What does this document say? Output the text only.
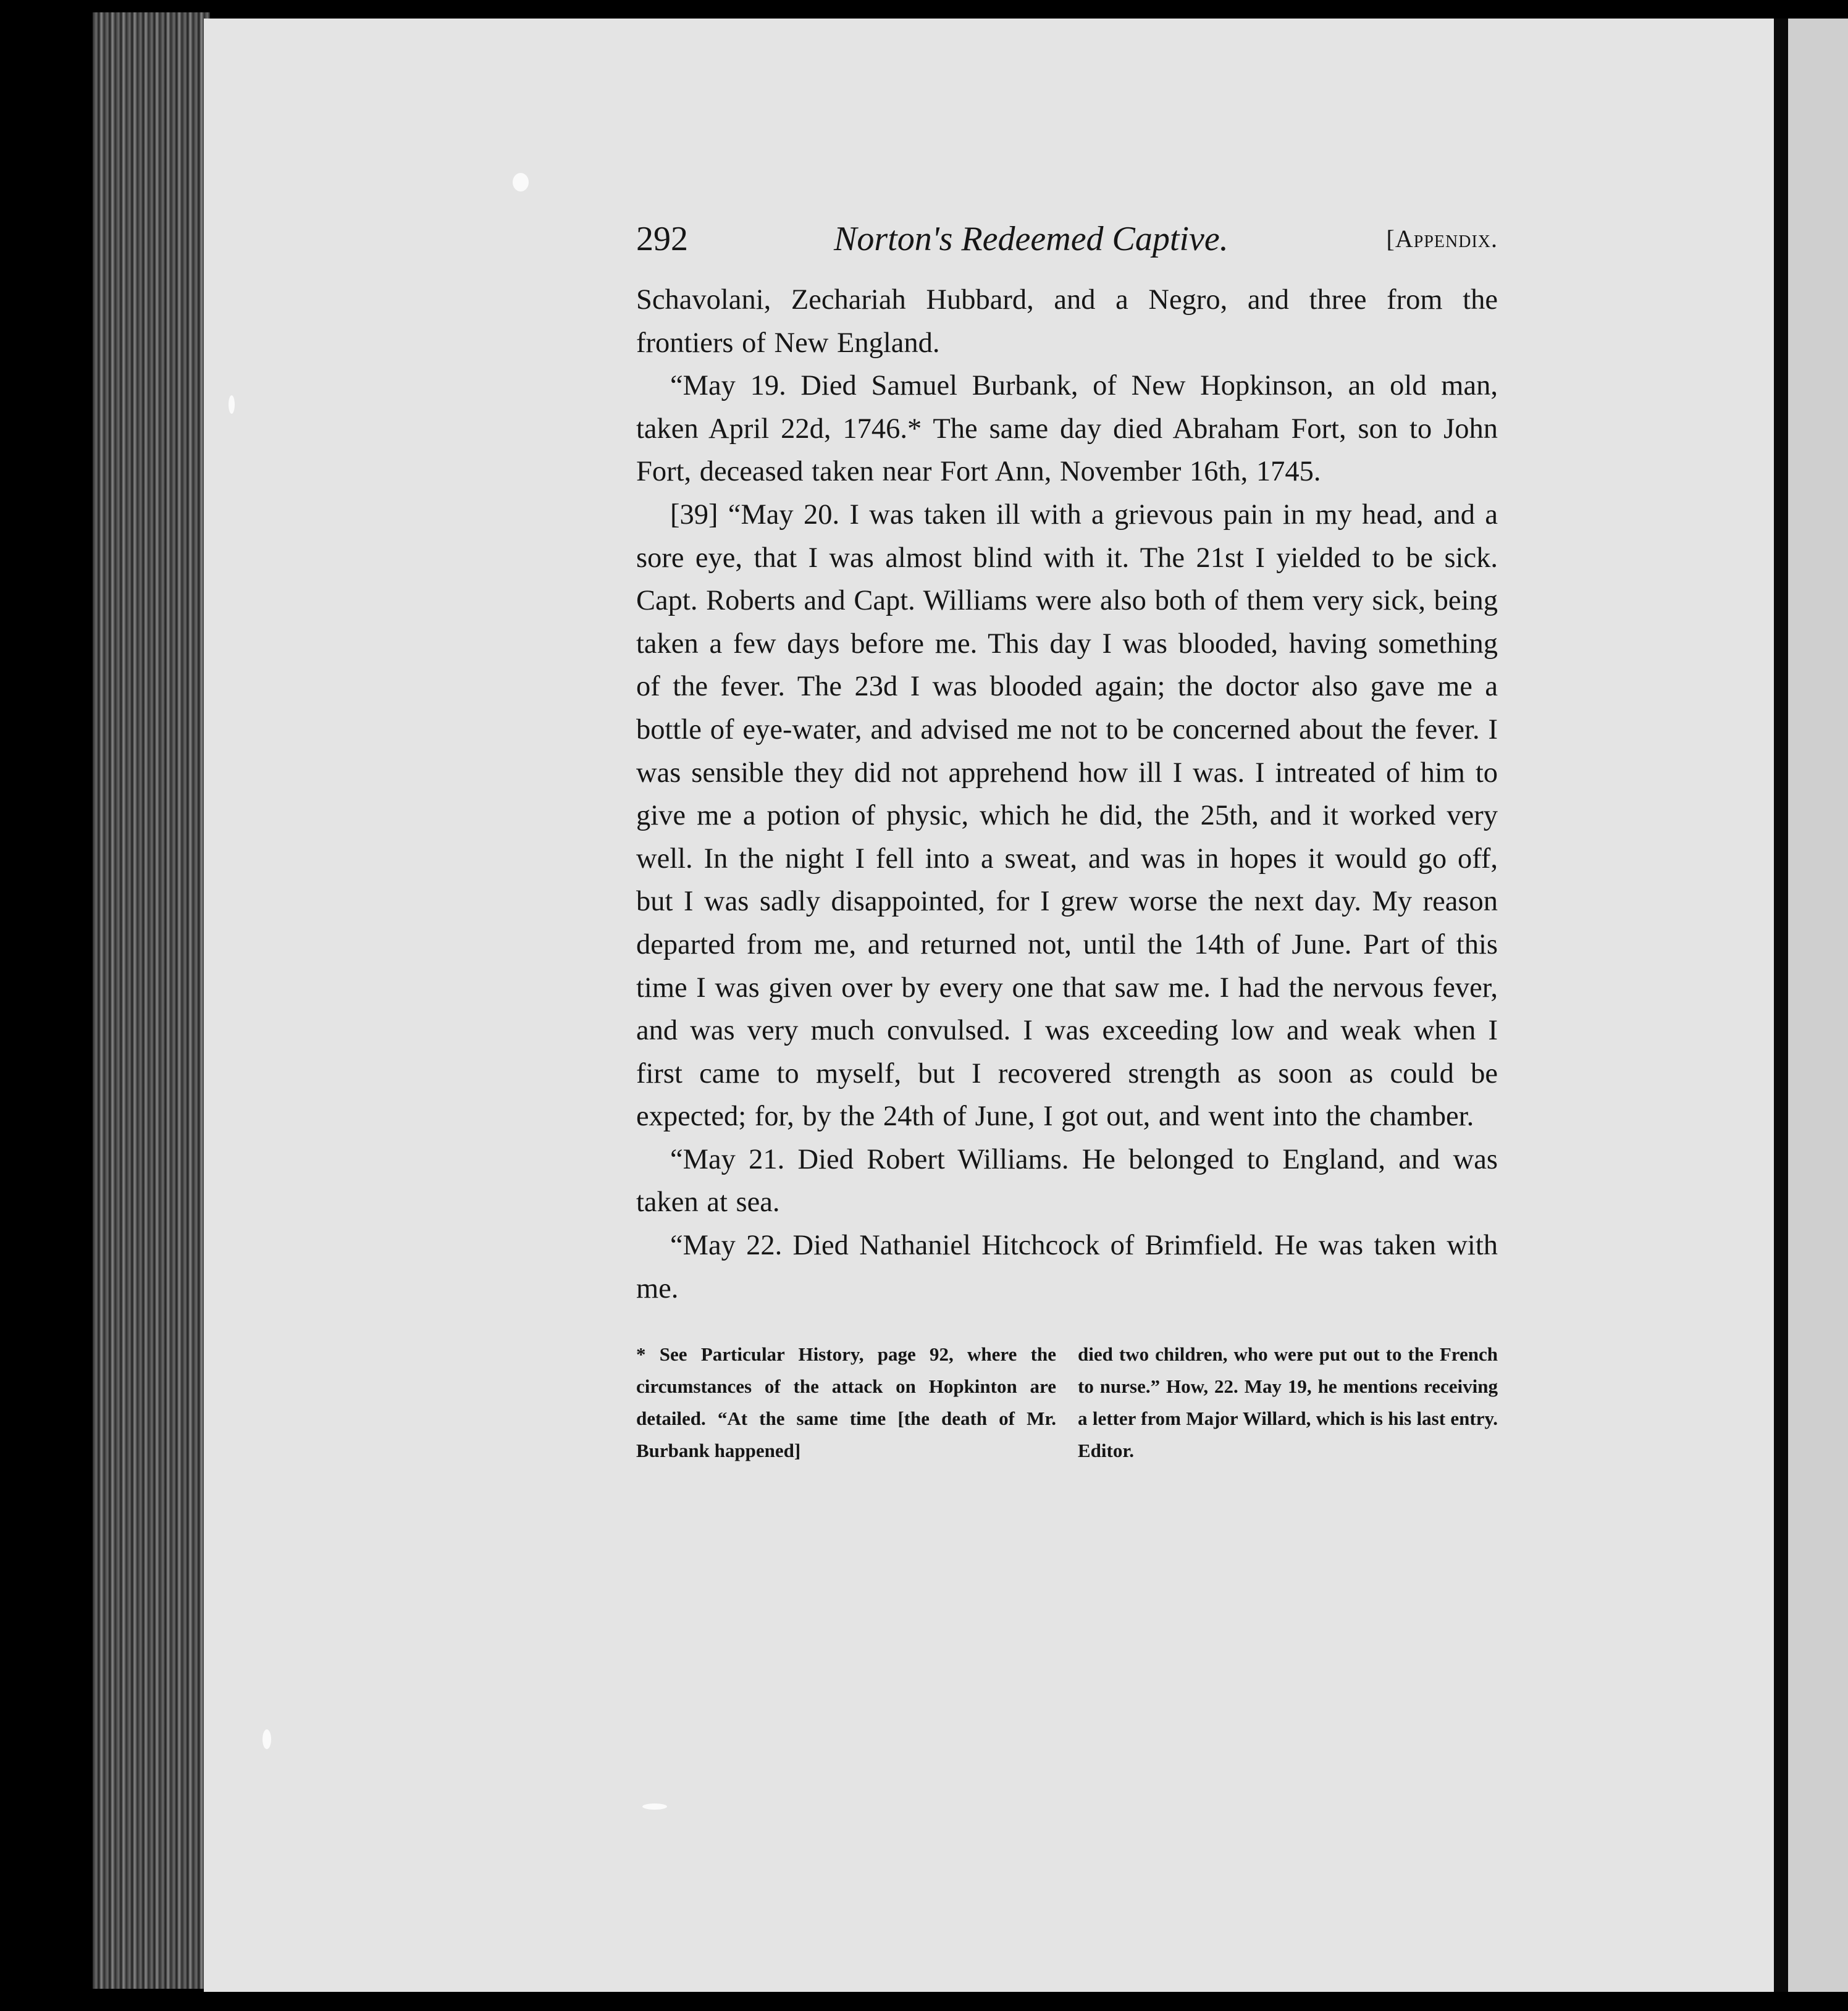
292	Norton's Redeemed Captive.	[Appendix.

Schavolani, Zechariah Hubbard, and a Negro, and three from the frontiers of New England.

“May 19. Died Samuel Burbank, of New Hopkinson, an old man, taken April 22d, 1746.* The same day died Abraham Fort, son to John Fort, deceased taken near Fort Ann, November 16th, 1745.

[39] “May 20. I was taken ill with a grievous pain in my head, and a sore eye, that I was almost blind with it. The 21st I yielded to be sick. Capt. Roberts and Capt. Williams were also both of them very sick, being taken a few days before me. This day I was blooded, having something of the fever. The 23d I was blooded again; the doctor also gave me a bottle of eye-water, and advised me not to be concerned about the fever. I was sensible they did not apprehend how ill I was. I intreated of him to give me a potion of physic, which he did, the 25th, and it worked very well. In the night I fell into a sweat, and was in hopes it would go off, but I was sadly disappointed, for I grew worse the next day. My reason departed from me, and returned not, until the 14th of June. Part of this time I was given over by every one that saw me. I had the nervous fever, and was very much convulsed. I was exceeding low and weak when I first came to myself, but I recovered strength as soon as could be expected; for, by the 24th of June, I got out, and went into the chamber.

“May 21. Died Robert Williams. He belonged to England, and was taken at sea.

“May 22. Died Nathaniel Hitchcock of Brimfield. He was taken with me.

* See Particular History, page 92, where the circumstances of the attack on Hopkinton are detailed. “At the same time [the death of Mr. Burbank happened]
died two children, who were put out to the French to nurse.” How, 22. May 19, he mentions receiving a letter from Major Willard, which is his last entry. Editor.
